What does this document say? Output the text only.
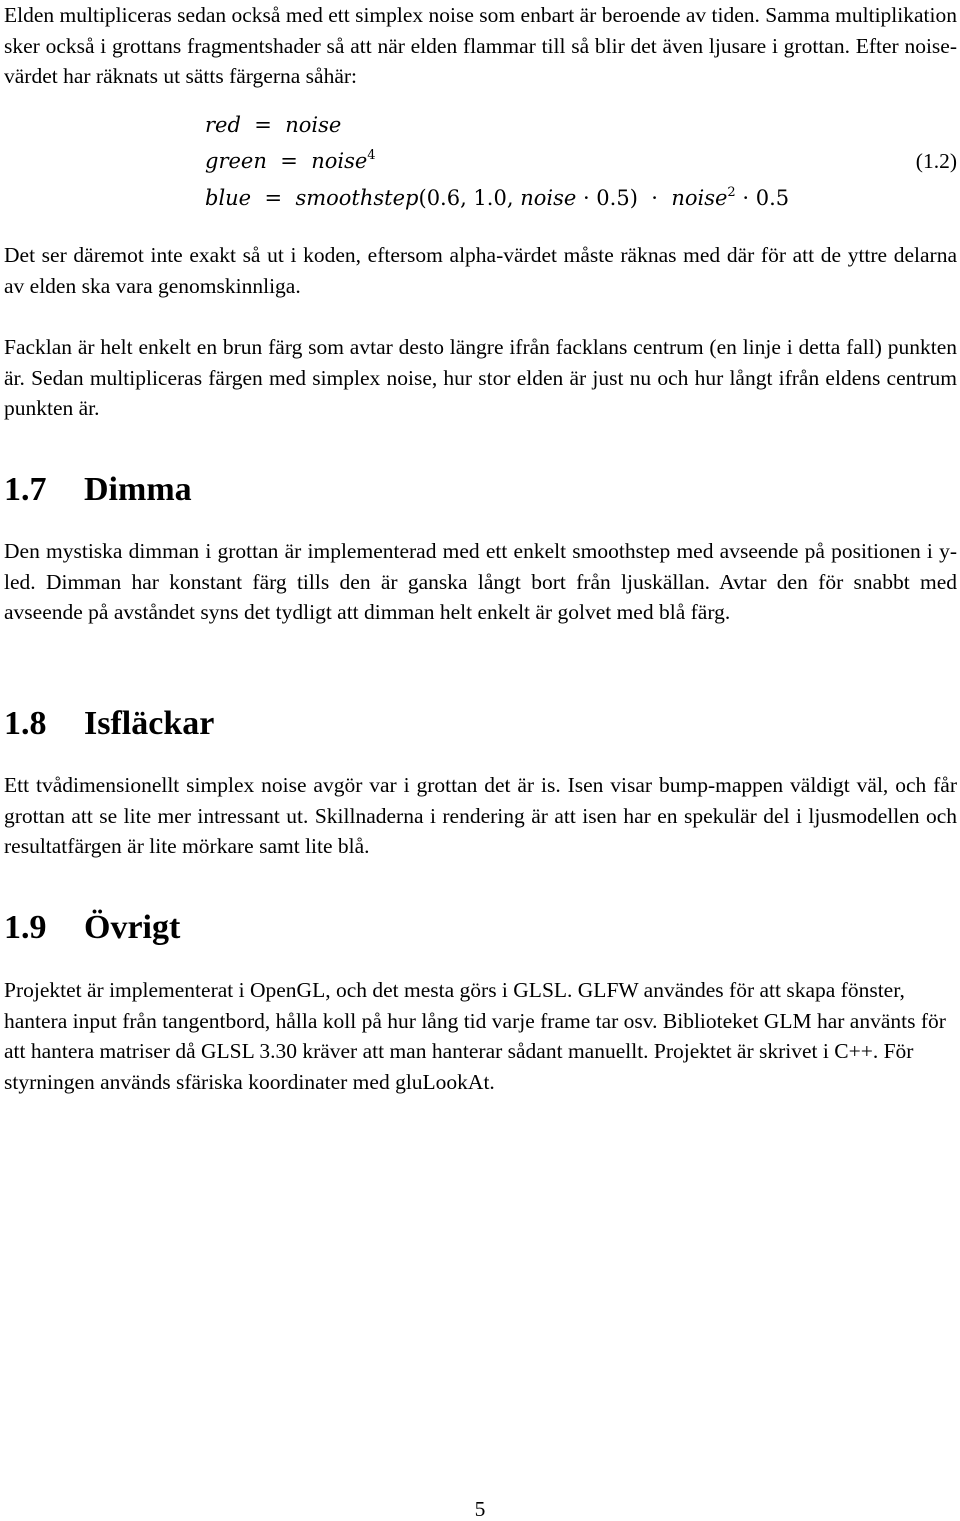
Elden multipliceras sedan också med ett simplex noise som enbart är beroende av tiden. Samma multiplikation sker också i grottans fragmentshader så att när elden flammar till så blir det även ljusare i grottan. Efter noise-värdet har räknats ut sätts färgerna såhär:

red  =  noise
green  =  noise$^4$
blue  =  smoothstep(0.6, 1.0, noise · 0.5)  ·  noise$^2$ · 0.5
(1.2)

Det ser däremot inte exakt så ut i koden, eftersom alpha-värdet måste räknas med där för att de yttre delarna av elden ska vara genomskinnliga.

Facklan är helt enkelt en brun färg som avtar desto längre ifrån facklans centrum (en linje i detta fall) punkten är. Sedan multipliceras färgen med simplex noise, hur stor elden är just nu och hur långt ifrån eldens centrum punkten är.

1.7 Dimma

Den mystiska dimman i grottan är implementerad med ett enkelt smoothstep med avseende på positionen i y-led. Dimman har konstant färg tills den är ganska långt bort från ljuskällan. Avtar den för snabbt med avseende på avståndet syns det tydligt att dimman helt enkelt är golvet med blå färg.

1.8 Isfläckar

Ett tvådimensionellt simplex noise avgör var i grottan det är is. Isen visar bump-mappen väldigt väl, och får grottan att se lite mer intressant ut. Skillnaderna i rendering är att isen har en spekulär del i ljusmodellen och resultatfärgen är lite mörkare samt lite blå.

1.9 Övrigt

Projektet är implementerat i OpenGL, och det mesta görs i GLSL. GLFW användes för att skapa fönster, hantera input från tangentbord, hålla koll på hur lång tid varje frame tar osv. Biblioteket GLM har använts för att hantera matriser då GLSL 3.30 kräver att man hanterar sådant manuellt. Projektet är skrivet i C++. För styrningen används sfäriska koordinater med gluLookAt.

5
